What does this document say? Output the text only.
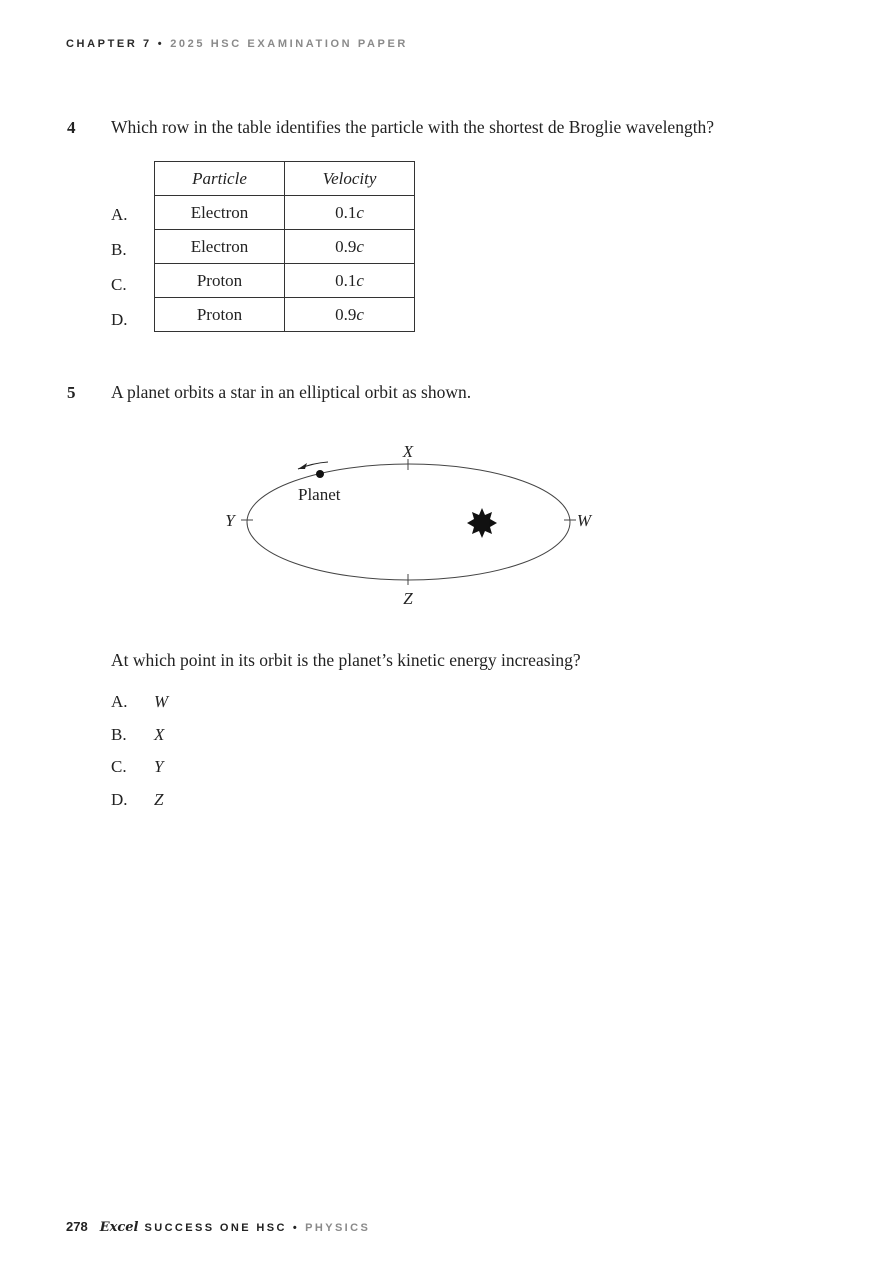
CHAPTER 7 • 2025 HSC EXAMINATION PAPER
4 Which row in the table identifies the particle with the shortest de Broglie wavelength?
A.
B.
C.
D.
Particle	Velocity
Electron	0.1c
Electron	0.9c
Proton	0.1c
Proton	0.9c
5 A planet orbits a star in an elliptical orbit as shown.
X
Z
Y	W
Planet
At which point in its orbit is the planet’s kinetic energy increasing?
A. W
B. X
C. Y
D. Z
278 Excel SUCCESS ONE HSC • PHYSICS
